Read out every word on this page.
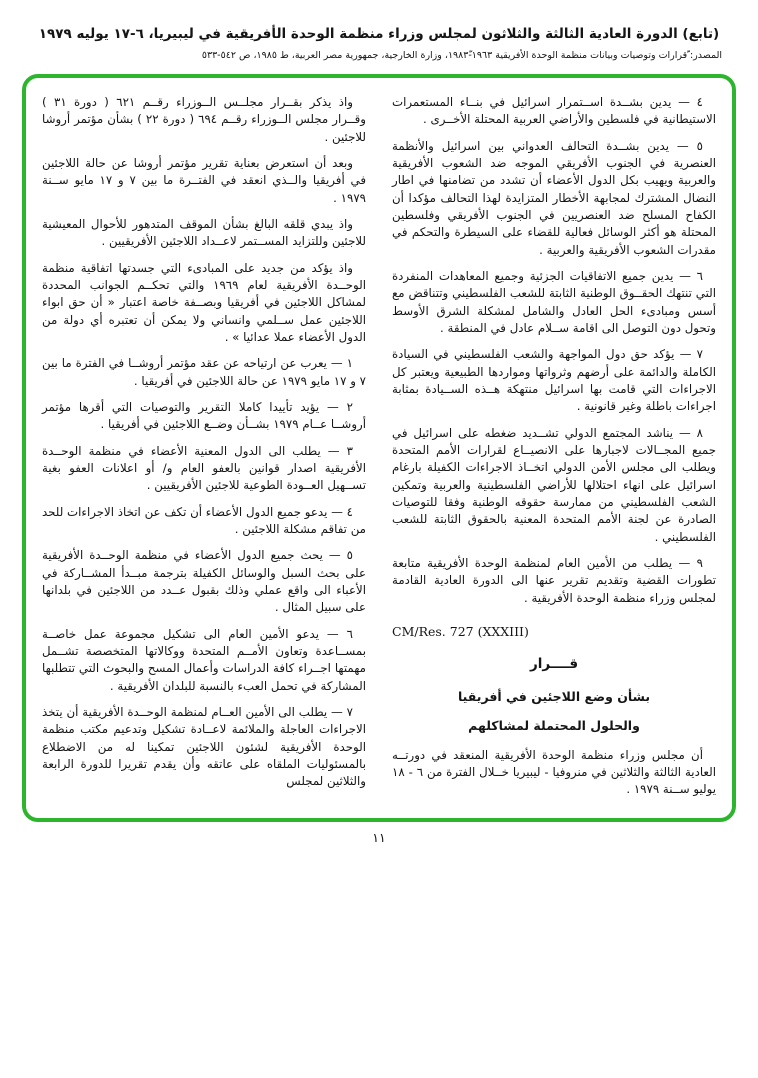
(تابع) الدورة العادية الثالثة والثلاثون لمجلس وزراء منظمة الوحدة الأفريقية في ليبيريا، ٦-١٧ يوليه ١٩٧٩
المصدر: ّقرارات وتوصيات وبيانات منظمة الوحدة الأفريقية ١٩٦٣-١٩٨٣ّ، وزارة الخارجية، جمهورية مصر العربية، ط ١٩٨٥، ص ٥٤٢-٥٣٣

٤ — يدين بشــدة اســتمرار اسرائيل في بنــاء المستعمرات الاستيطانية في فلسطين والأراضي العربية المحتلة الأخــرى .

٥ — يدين بشــدة التحالف العدواني بين اسرائيل والأنظمة العنصرية في الجنوب الأفريقي الموجه ضد الشعوب الأفريقية والعربية ويهيب بكل الدول الأعضاء أن تشدد من تضامنها في اطار النضال المشترك لمجابهة الأخطار المتزايدة لهذا التحالف مؤكدا أن الكفاح المسلح ضد العنصريين في الجنوب الأفريقي وفلسطين المحتلة هو أكثر الوسائل فعالية للقضاء على السيطرة والتحكم في مقدرات الشعوب الأفريقية والعربية .

٦ — يدين جميع الاتفاقيات الجزئية وجميع المعاهدات المنفردة التي تنتهك الحقــوق الوطنية الثابتة للشعب الفلسطيني وتتناقض مع أسس ومبادىء الحل العادل والشامل لمشكلة الشرق الأوسط وتحول دون التوصل الى اقامة ســلام عادل في المنطقة .

٧ — يؤكد حق دول المواجهة والشعب الفلسطيني في السيادة الكاملة والدائمة على أرضهم وثرواتها ومواردها الطبيعية ويعتبر كل الاجراءات التي قامت بها اسرائيل منتهكة هــذه الســيادة بمثابة اجراءات باطلة وغير قانونية .

٨ — يناشد المجتمع الدولي تشــديد ضغطه على اسرائيل في جميع المجــالات لاجبارها على الانصيــاع لقرارات الأمم المتحدة ويطلب الى مجلس الأمن الدولي اتخــاذ الاجراءات الكفيلة بارغام اسرائيل على انهاء احتلالها للأراضي الفلسطينية والعربية وتمكين الشعب الفلسطيني من ممارسة حقوقه الوطنية وفقا للتوصيات الصادرة عن لجنة الأمم المتحدة المعنية بالحقوق الثابتة للشعب الفلسطيني .

٩ — يطلب من الأمين العام لمنظمة الوحدة الأفريقية متابعة تطورات القضية وتقديم تقرير عنها الى الدورة العادية القادمة لمجلس وزراء منظمة الوحدة الأفريقية .

CM/Res. 727 (XXXIII)
قــــرار
بشأن وضع اللاجئين في أفريقيا
والحلول المحتملة لمشاكلهم

أن مجلس وزراء منظمة الوحدة الأفريقية المنعقد في دورتــه العادية الثالثة والثلاثين في منروفيا - ليبيريا خــلال الفترة من ٦ - ١٨ يوليو ســنة ١٩٧٩ .

واذ يذكر بقــرار مجلــس الــوزراء رقــم ٦٢١ ( دورة ٣١ ) وقــرار مجلس الــوزراء رقــم ٦٩٤ ( دورة ٢٢ ) بشأن مؤتمر أروشا للاجئين .

وبعد أن استعرض بعناية تقرير مؤتمر أروشا عن حالة اللاجئين في أفريقيا والــذي انعقد في الفتــرة ما بين ٧ و ١٧ مايو ســنة ١٩٧٩ .

واذ يبدي قلقه البالغ بشأن الموقف المتدهور للأحوال المعيشية للاجئين وللتزايد المســتمر لاعــداد اللاجئين الأفريقيين .

واذ يؤكد من جديد على المبادىء التي جسدتها اتفاقية منظمة الوحــدة الأفريقية لعام ١٩٦٩ والتي تحكــم الجوانب المحددة لمشاكل اللاجئين في أفريقيا وبصــفة خاصة اعتبار « أن حق ابواء اللاجئين عمل ســلمي وانساني ولا يمكن أن تعتبره أي دولة من الدول الأعضاء عملا عدائيا » .

١ — يعرب عن ارتياحه عن عقد مؤتمر أروشــا في الفترة ما بين ٧ و ١٧ مايو ١٩٧٩ عن حالة اللاجئين في أفريقيا .

٢ — يؤيد تأييدا كاملا التقرير والتوصيات التي أقرها مؤتمر أروشــا عــام ١٩٧٩ بشــأن وضــع اللاجئين في أفريقيا .

٣ — يطلب الى الدول المعنية الأعضاء في منظمة الوحــدة الأفريقية اصدار قوانين بالعفو العام و/ أو اعلانات العفو بغية تســهيل العــودة الطوعية للاجئين الأفريقيين .

٤ — يدعو جميع الدول الأعضاء أن تكف عن اتخاذ الاجراءات للحد من تفاقم مشكلة اللاجئين .

٥ — يحث جميع الدول الأعضاء في منظمة الوحــدة الأفريقية على بحث السبل والوسائل الكفيلة بترجمة مبــدأ المشــاركة في الأعباء الى واقع عملي وذلك بقبول عــدد من اللاجئين في بلدانها على سبيل المثال .

٦ — يدعو الأمين العام الى تشكيل مجموعة عمل خاصــة بمســاعدة وتعاون الأمــم المتحدة ووكالاتها المتخصصة تشــمل مهمتها اجــراء كافة الدراسات وأعمال المسح والبحوث التي تتطلبها المشاركة في تحمل العبء بالنسبة للبلدان الأفريقية .

٧ — يطلب الى الأمين العــام لمنظمة الوحــدة الأفريقية أن يتخذ الاجراءات العاجلة والملائمة لاعــادة تشكيل وتدعيم مكتب منظمة الوحدة الأفريقية لشئون اللاجئين تمكينا له من الاضطلاع بالمسئوليات الملقاه على عاتقه وأن يقدم تقريرا للدورة الرابعة والثلاثين لمجلس

١١
